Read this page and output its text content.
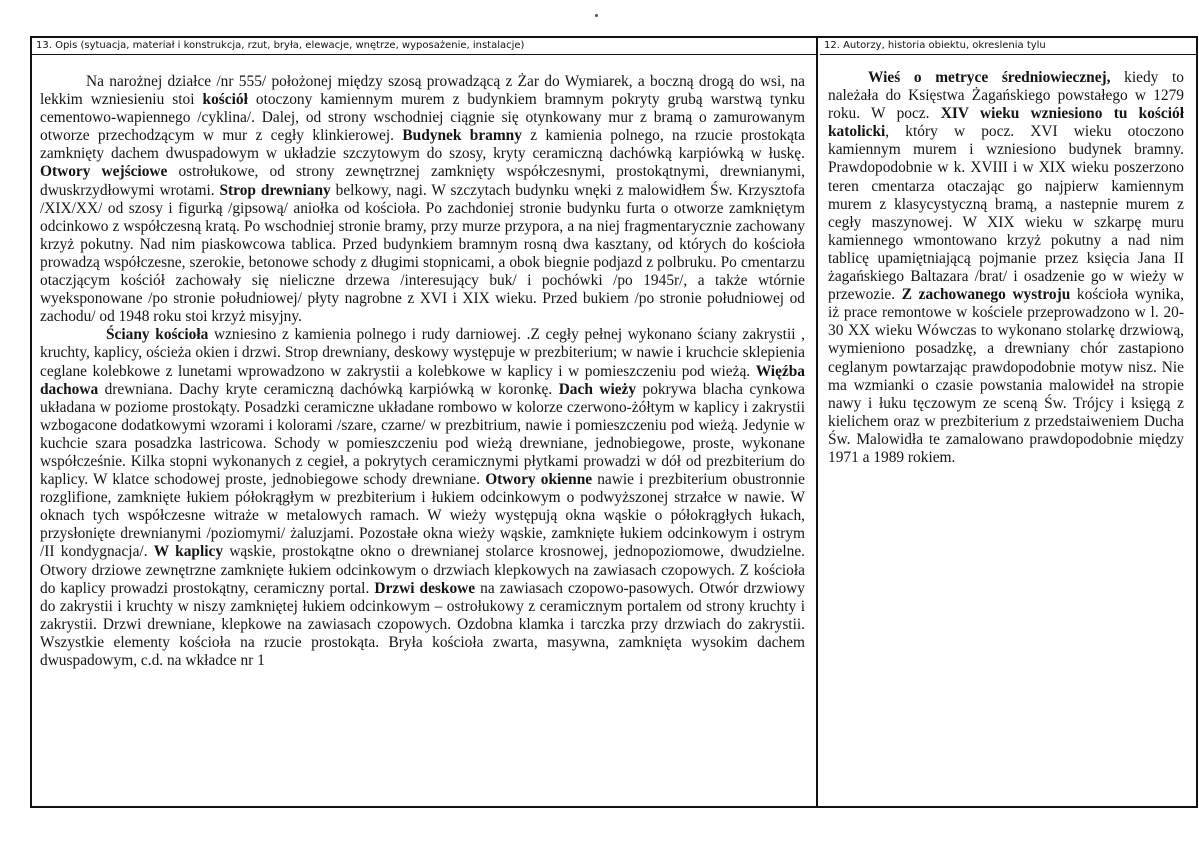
13. Opis (sytuacja, materiał i konstrukcja, rzut, bryła, elewacje, wnętrze, wyposażenie, instalacje)

Na narożnej działce /nr 555/ położonej między szosą prowadzącą z Żar do Wymiarek, a boczną drogą do wsi, na lekkim wzniesieniu stoi kościół otoczony kamiennym murem z budynkiem bramnym pokryty grubą warstwą tynku cementowo-wapiennego /cyklina/. Dalej, od strony wschodniej ciągnie się otynkowany mur z bramą o zamurowanym otworze przechodzącym w mur z cegły klinkierowej. Budynek bramny z kamienia polnego, na rzucie prostokąta zamknięty dachem dwuspadowym w układzie szczytowym do szosy, kryty ceramiczną dachówką karpiówką w łuskę. Otwory wejściowe ostrołukowe, od strony zewnętrznej zamknięty współczesnymi, prostokątnymi, drewnianymi, dwuskrzydłowymi wrotami. Strop drewniany belkowy, nagi. W szczytach budynku wnęki z malowidłem Św. Krzysztofa /XIX/XX/ od szosy i figurką /gipsową/ aniołka od kościoła. Po zachdoniej stronie budynku furta o otworze zamkniętym odcinkowo z współczesną kratą. Po wschodniej stronie bramy, przy murze przypora, a na niej fragmentarycznie zachowany krzyż pokutny. Nad nim piaskowcowa tablica. Przed budynkiem bramnym rosną dwa kasztany, od których do kościoła prowadzą współczesne, szerokie, betonowe schody z długimi stopnicami, a obok biegnie podjazd z polbruku. Po cmentarzu otaczjącym kościół zachowały się nieliczne drzewa /interesujący buk/ i pochówki /po 1945r/, a także wtórnie wyeksponowane /po stronie południowej/ płyty nagrobne z XVI i XIX wieku. Przed bukiem /po stronie południowej od zachodu/ od 1948 roku stoi krzyż misyjny.

Ściany kościoła wzniesino z kamienia polnego i rudy darniowej. .Z cegły pełnej wykonano ściany zakrystii , kruchty, kaplicy, ościeża okien i drzwi. Strop drewniany, deskowy występuje w prezbiterium; w nawie i kruchcie sklepienia ceglane kolebkowe z lunetami wprowadzono w zakrystii a kolebkowe w kaplicy i w pomieszczeniu pod wieżą. Więźba dachowa drewniana. Dachy kryte ceramiczną dachówką karpiówką w koronkę. Dach wieży pokrywa blacha cynkowa układana w poziome prostokąty. Posadzki ceramiczne układane rombowo w kolorze czerwono-żółtym w kaplicy i zakrystii wzbogacone dodatkowymi wzorami i kolorami /szare, czarne/ w prezbitrium, nawie i pomieszczeniu pod wieżą. Jedynie w kuchcie szara posadzka lastricowa. Schody w pomieszczeniu pod wieżą drewniane, jednobiegowe, proste, wykonane współcześnie. Kilka stopni wykonanych z cegieł, a pokrytych ceramicznymi płytkami prowadzi w dół od prezbiterium do kaplicy. W klatce schodowej proste, jednobiegowe schody drewniane. Otwory okienne nawie i prezbiterium obustronnie rozglifione, zamknięte łukiem półokrągłym w prezbiterium i łukiem odcinkowym o podwyższonej strzałce w nawie. W oknach tych współczesne witraże w metalowych ramach. W wieży występują okna wąskie o półokrągłych łukach, przysłonięte drewnianymi /poziomymi/ żaluzjami. Pozostałe okna wieży wąskie, zamknięte łukiem odcinkowym i ostrym /II kondygnacja/. W kaplicy wąskie, prostokątne okno o drewnianej stolarce krosnowej, jednopoziomowe, dwudzielne. Otwory drziowe zewnętrzne zamknięte łukiem odcinkowym o drzwiach klepkowych na zawiasach czopowych. Z kościoła do kaplicy prowadzi prostokątny, ceramiczny portal. Drzwi deskowe na zawiasach czopowo-pasowych. Otwór drzwiowy do zakrystii i kruchty w niszy zamkniętej łukiem odcinkowym – ostrołukowy z ceramicznym portalem od strony kruchty i zakrystii. Drzwi drewniane, klepkowe na zawiasach czopowych. Ozdobna klamka i tarczka przy drzwiach do zakrystii. Wszystkie elementy kościoła na rzucie prostokąta. Bryła kościoła zwarta, masywna, zamknięta wysokim dachem dwuspadowym, c.d. na wkładce nr 1

12. Autorzy, historia obiektu, okreslenia tylu

Wieś o metryce średniowiecznej, kiedy to należała do Księstwa Żagańskiego powstałego w 1279 roku. W pocz. XIV wieku wzniesiono tu kościół katolicki, który w pocz. XVI wieku otoczono kamiennym murem i wzniesiono budynek bramny. Prawdopodobnie w k. XVIII i w XIX wieku poszerzono teren cmentarza otaczając go najpierw kamiennym murem z klasycystyczną bramą, a nastepnie murem z cegły maszynowej. W XIX wieku w szkarpę muru kamiennego wmontowano krzyż pokutny a nad nim tablicę upamiętniającą pojmanie przez księcia Jana II żagańskiego Baltazara /brat/ i osadzenie go w wieży w przewozie. Z zachowanego wystroju kościoła wynika, iż prace remontowe w kościele przeprowadzono w l. 20-30 XX wieku Wówczas to wykonano stolarkę drzwiową, wymieniono posadzkę, a drewniany chór zastapiono ceglanym powtarzając prawdopodobnie motyw nisz. Nie ma wzmianki o czasie powstania malowideł na stropie nawy i łuku tęczowym ze sceną Św. Trójcy i księgą z kielichem oraz w prezbiterium z przedstaiweniem Ducha Św. Malowidła te zamalowano prawdopodobnie między 1971 a 1989 rokiem.
